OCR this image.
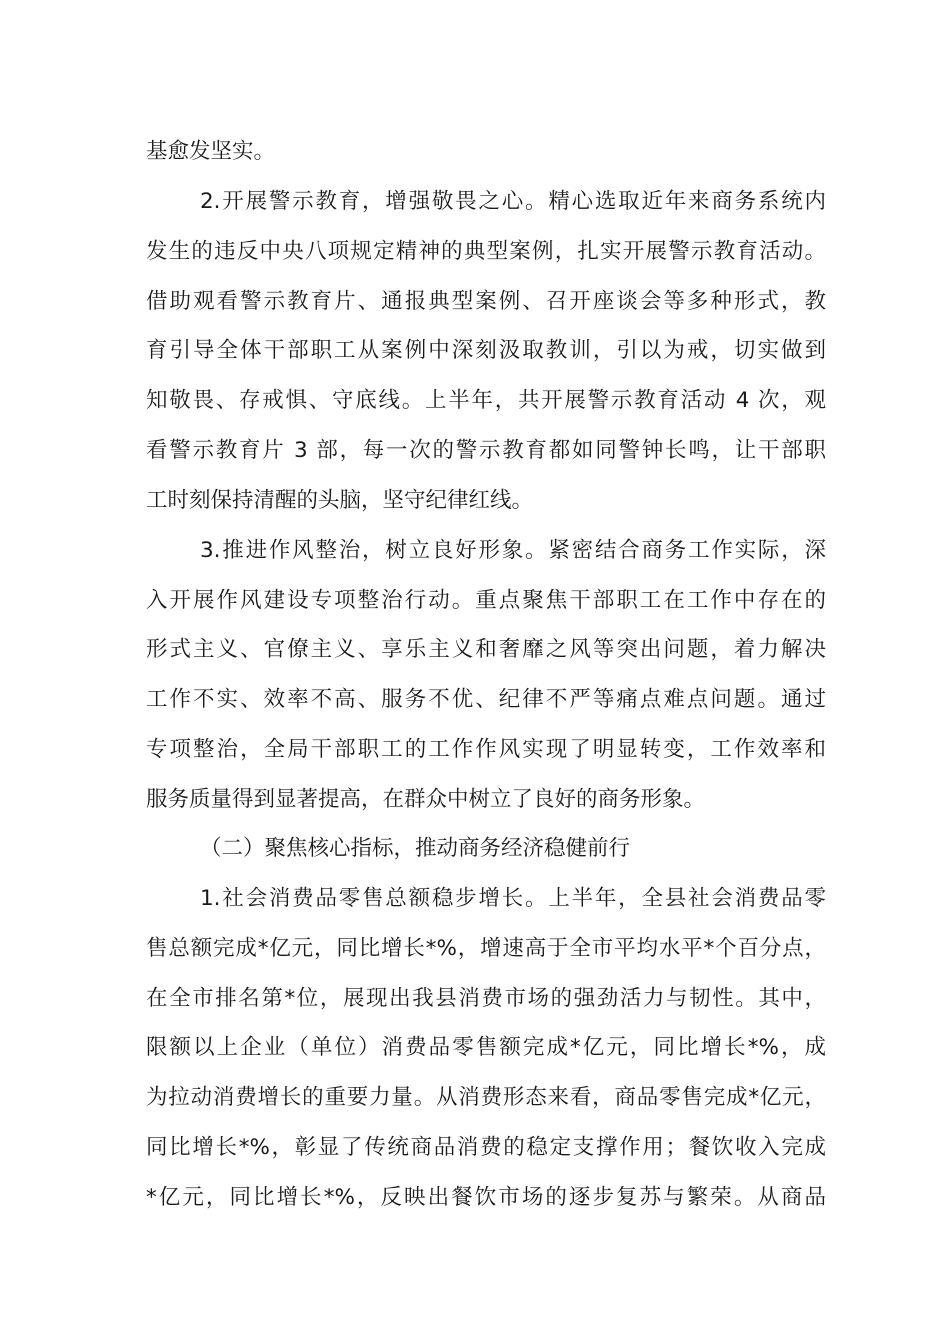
基愈发坚实。
2.开展警示教育，增强敬畏之心。精心选取近年来商务系统内
发生的违反中央八项规定精神的典型案例，扎实开展警示教育活动。
借助观看警示教育片、通报典型案例、召开座谈会等多种形式，教
育引导全体干部职工从案例中深刻汲取教训，引以为戒，切实做到
知敬畏、存戒惧、守底线。上半年，共开展警示教育活动 4 次，观
看警示教育片 3 部，每一次的警示教育都如同警钟长鸣，让干部职
工时刻保持清醒的头脑，坚守纪律红线。
3.推进作风整治，树立良好形象。紧密结合商务工作实际，深
入开展作风建设专项整治行动。重点聚焦干部职工在工作中存在的
形式主义、官僚主义、享乐主义和奢靡之风等突出问题，着力解决
工作不实、效率不高、服务不优、纪律不严等痛点难点问题。通过
专项整治，全局干部职工的工作作风实现了明显转变，工作效率和
服务质量得到显著提高，在群众中树立了良好的商务形象。
（二）聚焦核心指标，推动商务经济稳健前行
1.社会消费品零售总额稳步增长。上半年，全县社会消费品零
售总额完成*亿元，同比增长*%，增速高于全市平均水平*个百分点，
在全市排名第*位，展现出我县消费市场的强劲活力与韧性。其中，
限额以上企业（单位）消费品零售额完成*亿元，同比增长*%，成
为拉动消费增长的重要力量。从消费形态来看，商品零售完成*亿元，
同比增长*%，彰显了传统商品消费的稳定支撑作用；餐饮收入完成
*亿元，同比增长*%，反映出餐饮市场的逐步复苏与繁荣。从商品
